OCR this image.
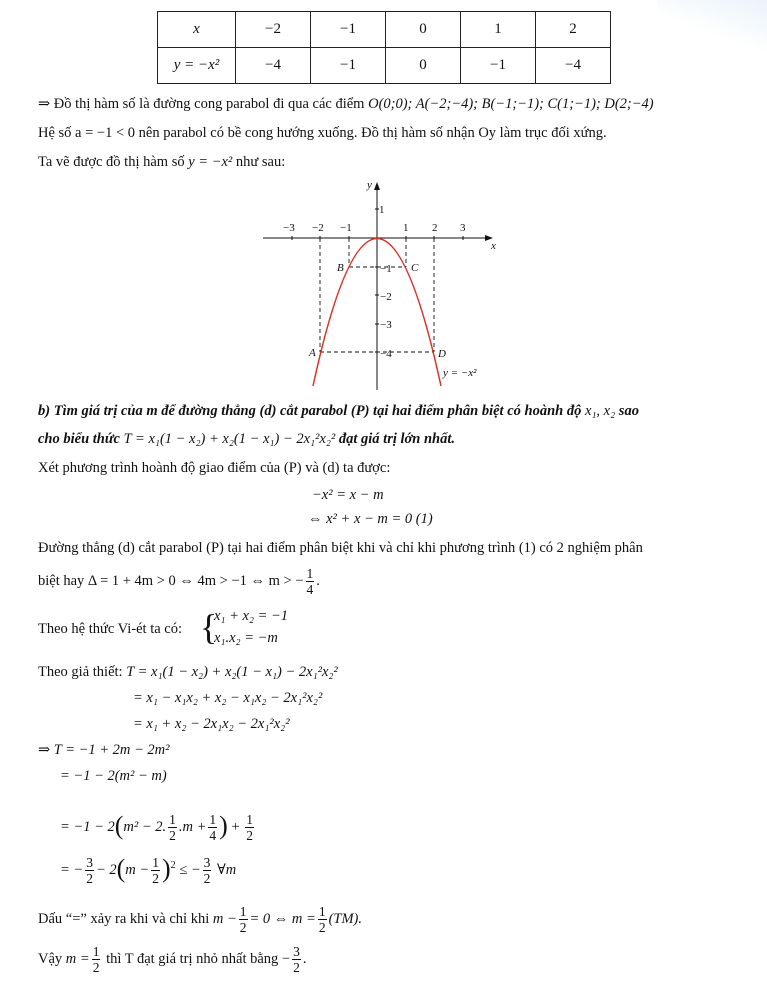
x	−2	−1	0	1	2
y = −x²	−4	−1	0	−1	−4
⇒ Đồ thị hàm số là đường cong parabol đi qua các điểm O(0;0); A(−2;−4); B(−1;−1); C(1;−1); D(2;−4)
Hệ số a = −1 < 0 nên parabol có bề cong hướng xuống. Đồ thị hàm số nhận Oy làm trục đối xứng.
Ta vẽ được đồ thị hàm số y = −x² như sau:
x
y
−3 −2 −1	1 2 3
1
−1
−2
−3
−4
B	C
A	D
y = −x²
b) Tìm giá trị của m để đường thẳng (d) cắt parabol (P) tại hai điểm phân biệt có hoành độ x₁, x₂ sao
cho biểu thức T = x₁(1 − x₂) + x₂(1 − x₁) − 2x₁²x₂² đạt giá trị lớn nhất.
Xét phương trình hoành độ giao điểm của (P) và (d) ta được:
−x² = x − m
⇔ x² + x − m = 0 (1)
Đường thẳng (d) cắt parabol (P) tại hai điểm phân biệt khi và chỉ khi phương trình (1) có 2 nghiệm phân
biệt hay Δ = 1 + 4m > 0 ⇔ 4m > −1 ⇔ m > − $\frac{1}{4}$ .
Theo hệ thức Vi-ét ta có: {
x₁ + x₂ = −1
x₁.x₂ = −m
Theo giả thiết: T = x₁(1 − x₂) + x₂(1 − x₁) − 2x₁²x₂²
= x₁ − x₁x₂ + x₂ − x₁x₂ − 2x₁²x₂²
= x₁ + x₂ − 2x₁x₂ − 2x₁²x₂²
⇒ T = −1 + 2m − 2m²
= −1 − 2(m² − m)
= −1 − 2(m² − 2. $\frac{1}{2} .m + \frac{1}{4}$ ) + $\frac{1}{2}$
= − $\frac{3}{2} - 2(m - \frac{1}{2} )^2$ ≤ − $\frac{3}{2}$ ∀m
Dấu “=” xảy ra khi và chỉ khi $m - \frac{1}{2} = 0$ ⇔ $m = \frac{1}{2} (TM)$.
Vậy $m = \frac{1}{2}$ thì T đạt giá trị nhỏ nhất bằng − $\frac{3}{2}$ .
